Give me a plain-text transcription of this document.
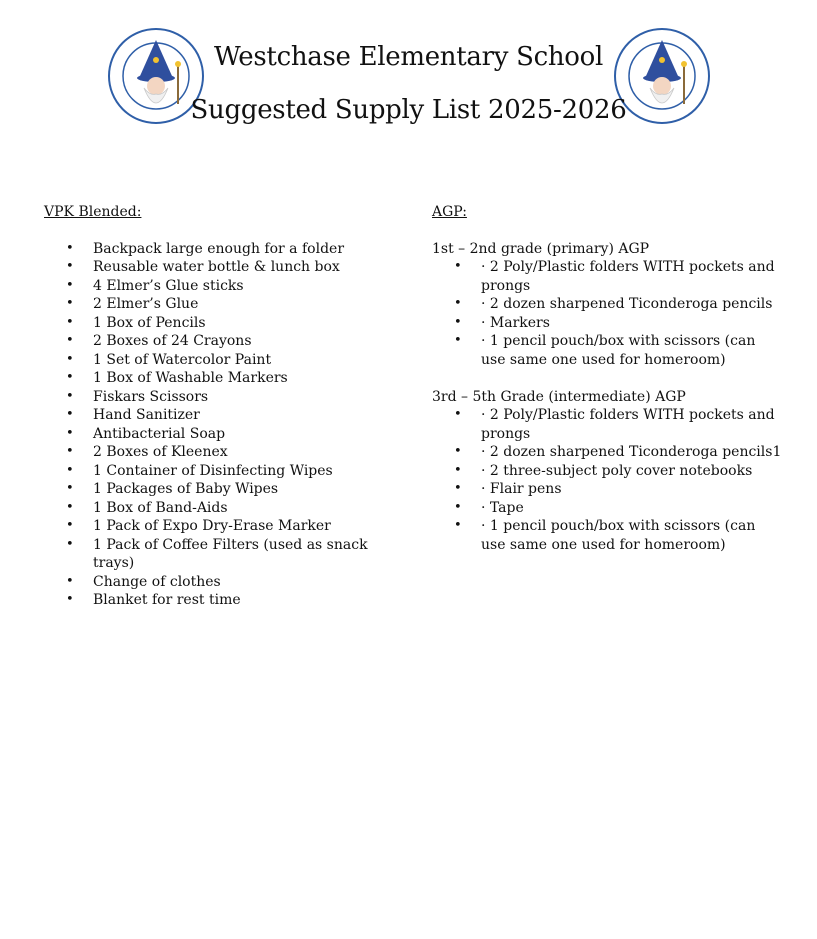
Westchase Elementary School
Suggested Supply List 2025-2026
VPK Blended:
• Backpack large enough for a folder
• Reusable water bottle & lunch box
• 4 Elmer’s Glue sticks
• 2 Elmer’s Glue
• 1 Box of Pencils
• 2 Boxes of 24 Crayons
• 1 Set of Watercolor Paint
• 1 Box of Washable Markers
• Fiskars Scissors
• Hand Sanitizer
• Antibacterial Soap
• 2 Boxes of Kleenex
• 1 Container of Disinfecting Wipes
• 1 Packages of Baby Wipes
• 1 Box of Band-Aids
• 1 Pack of Expo Dry-Erase Marker
• 1 Pack of Coffee Filters (used as snack trays)
• Change of clothes
• Blanket for rest time
AGP:
1st – 2nd grade (primary) AGP
• · 2 Poly/Plastic folders WITH pockets and prongs
• · 2 dozen sharpened Ticonderoga pencils
• · Markers
• · 1 pencil pouch/box with scissors (can use same one used for homeroom)
3rd – 5th Grade (intermediate) AGP
• · 2 Poly/Plastic folders WITH pockets and prongs
• · 2 dozen sharpened Ticonderoga pencils1
• · 2 three-subject poly cover notebooks
• · Flair pens
• · Tape
• · 1 pencil pouch/box with scissors (can use same one used for homeroom)
